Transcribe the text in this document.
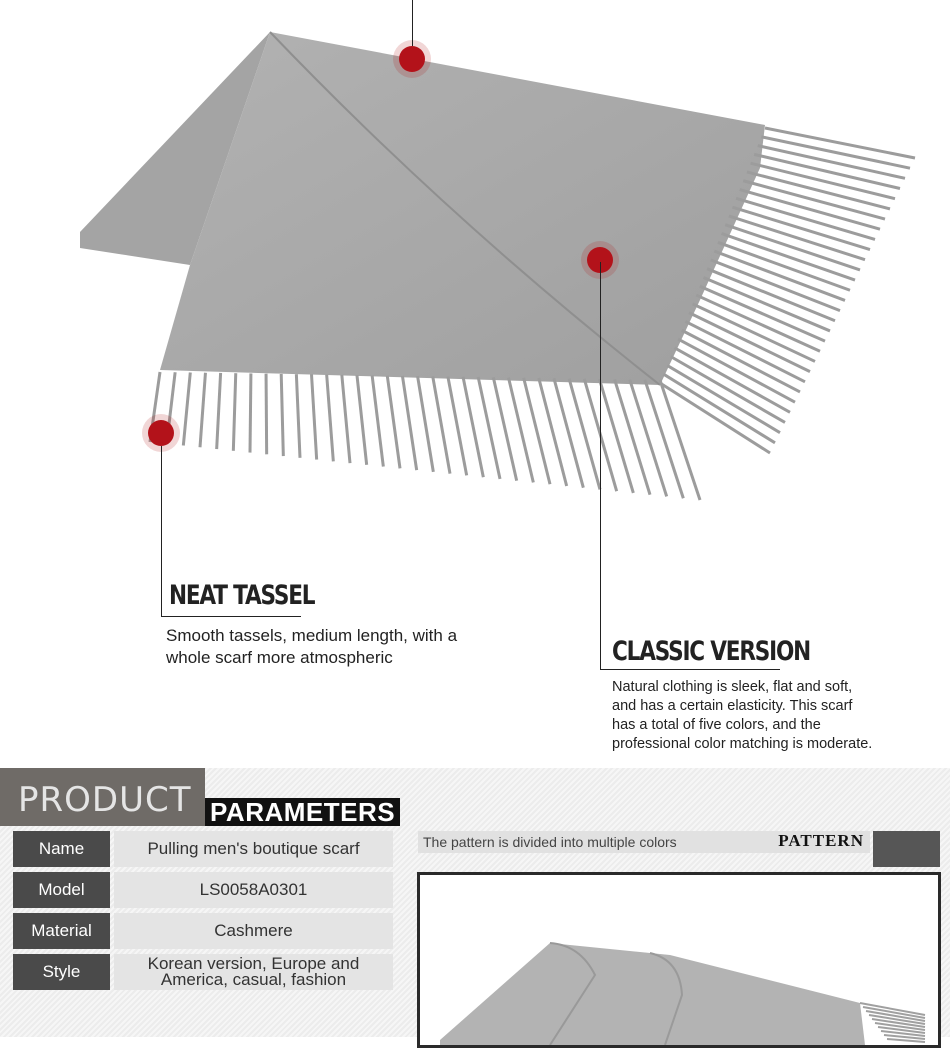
NEAT TASSEL
Smooth tassels, medium length, with a
whole scarf more atmospheric	CLASSIC VERSION
Natural clothing is sleek, flat and soft,
and has a certain elasticity. This scarf
has a total of five colors, and the
professional color matching is moderate.
PRODUCT PARAMETERS
Name	Pulling men's boutique scarf
Model	LS0058A0301
Material	Cashmere
Style	Korean version, Europe and
America, casual, fashion
The pattern is divided into multiple colors	PATTERN
